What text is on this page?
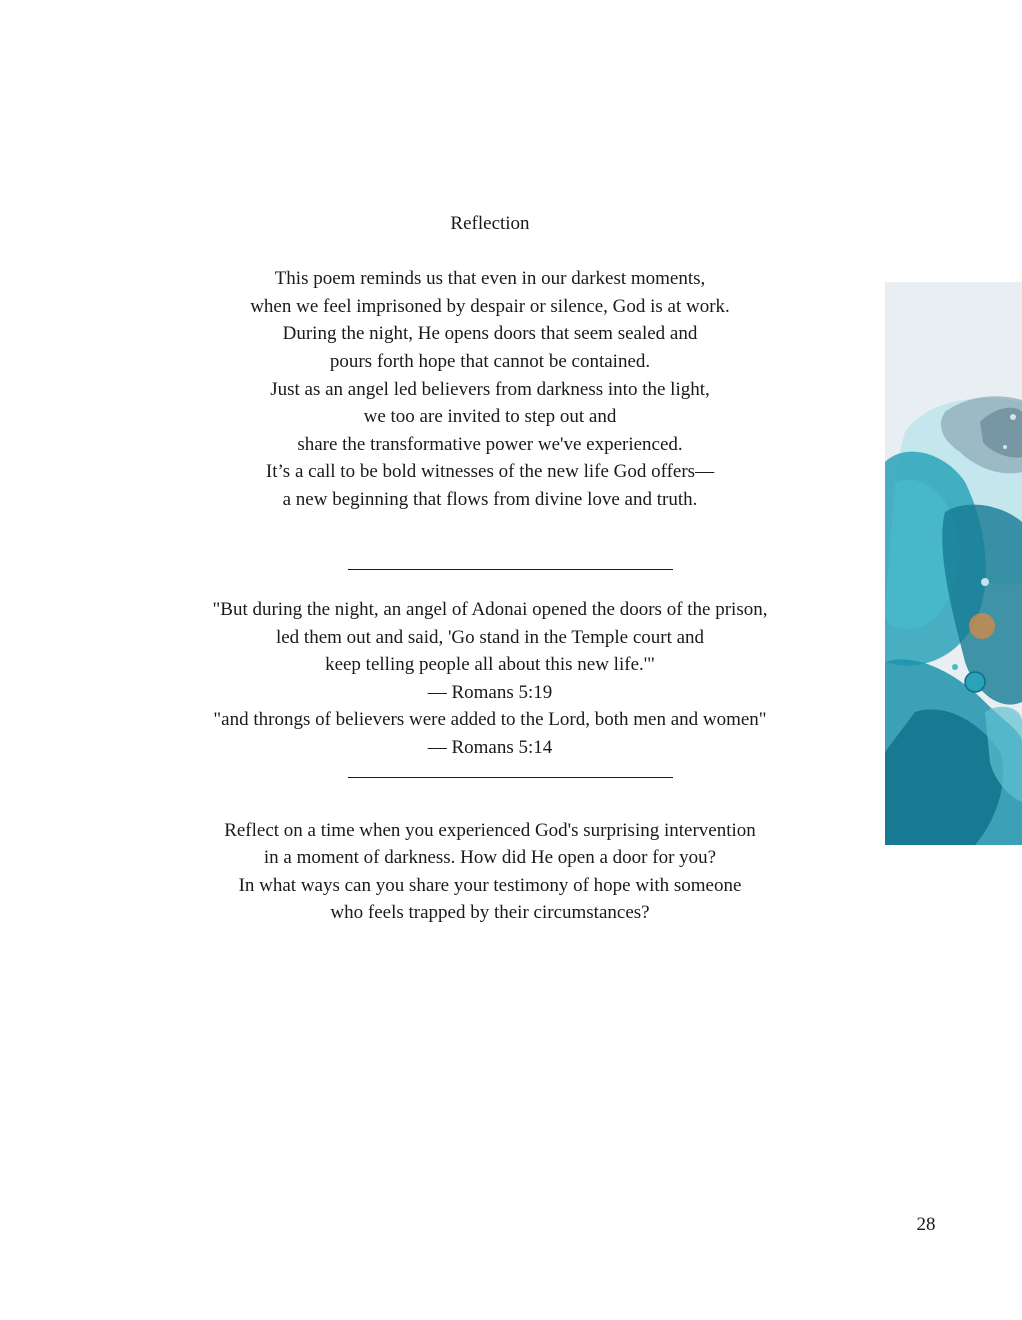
Reflection
This poem reminds us that even in our darkest moments,
when we feel imprisoned by despair or silence, God is at work.
During the night, He opens doors that seem sealed and
pours forth hope that cannot be contained.
Just as an angel led believers from darkness into the light,
we too are invited to step out and
share the transformative power we've experienced.
It’s a call to be bold witnesses of the new life God offers—
a new beginning that flows from divine love and truth.
"But during the night, an angel of Adonai opened the doors of the prison,
led them out and said, 'Go stand in the Temple court and
keep telling people all about this new life.'"
— Romans 5:19
"and throngs of believers were added to the Lord, both men and women"
— Romans 5:14
Reflect on a time when you experienced God's surprising intervention
in a moment of darkness. How did He open a door for you?
In what ways can you share your testimony of hope with someone
who feels trapped by their circumstances?
28
